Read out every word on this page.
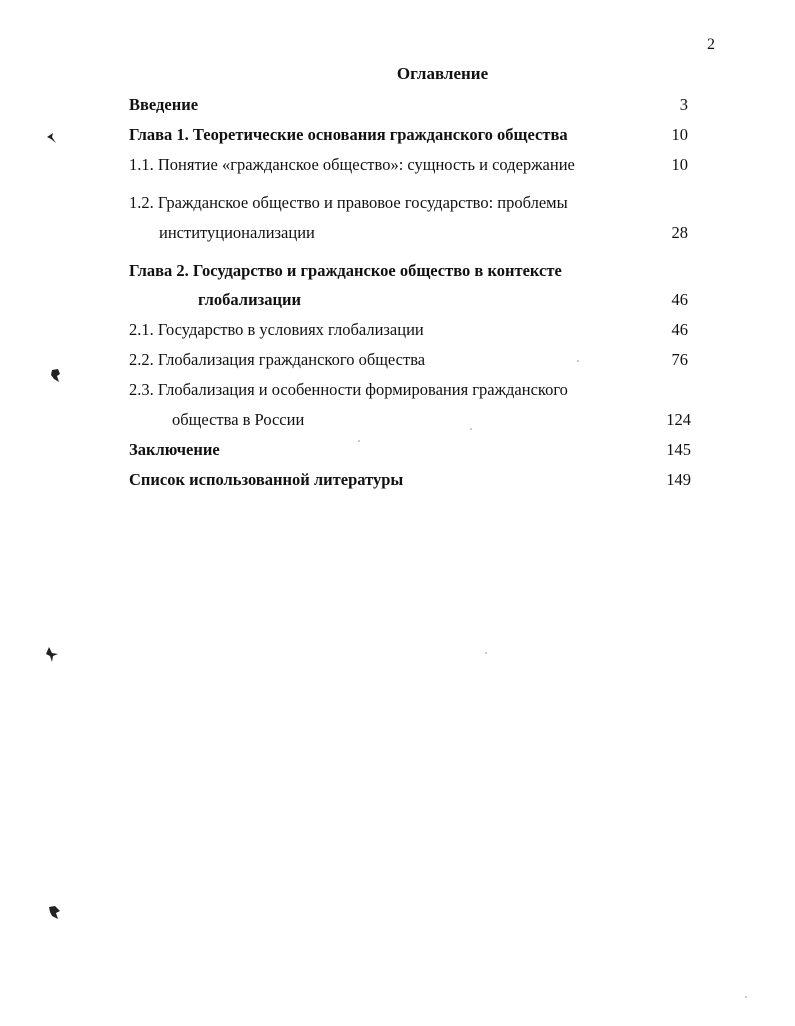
2
Оглавление
Введение	3
Глава 1. Теоретические основания гражданского общества	10
1.1. Понятие «гражданское общество»: сущность и содержание	10
1.2. Гражданское общество и правовое государство: проблемы
институционализации	28
Глава 2. Государство и гражданское общество в контексте
глобализации	46
2.1. Государство в условиях глобализации	46
2.2. Глобализация гражданского общества	76
2.3. Глобализация и особенности формирования гражданского
общества в России	124
Заключение	145
Список использованной литературы	149
